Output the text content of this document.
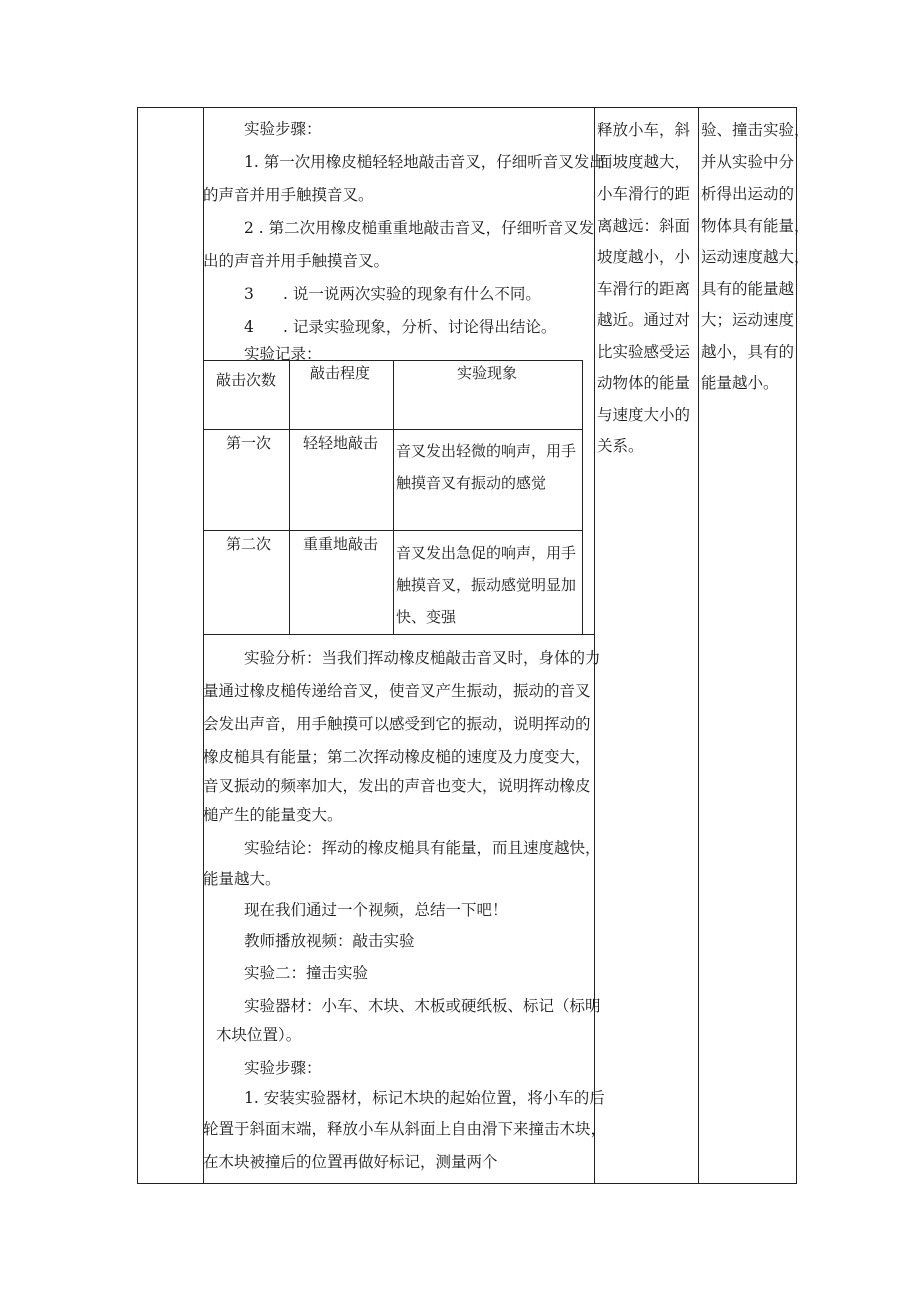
实验步骤：

1. 第一次用橡皮槌轻轻地敲击音叉，仔细听音叉发出

的声音并用手触摸音叉。

2 . 第二次用橡皮槌重重地敲击音叉，仔细听音叉发

出的声音并用手触摸音叉。

3 . 说一说两次实验的现象有什么不同。

4 . 记录实验现象，分析、讨论得出结论。

实验记录：

敲击次数 敲击程度	实验现象
第一次 轻轻地敲击 音叉发出轻微的响声，用手
触摸音叉有振动的感觉
第二次 重重地敲击 音叉发出急促的响声，用手
触摸音叉，振动感觉明显加
快、变强

实验分析：当我们挥动橡皮槌敲击音叉时，身体的力

量通过橡皮槌传递给音叉，使音叉产生振动，振动的音叉

会发出声音，用手触摸可以感受到它的振动，说明挥动的

橡皮槌具有能量；第二次挥动橡皮槌的速度及力度变大，

音叉振动的频率加大，发出的声音也变大，说明挥动橡皮

槌产生的能量变大。

实验结论：挥动的橡皮槌具有能量，而且速度越快，

能量越大。

现在我们通过一个视频，总结一下吧！

教师播放视频：敲击实验

实验二：撞击实验

实验器材：小车、木块、木板或硬纸板、标记（标明

木块位置）。

实验步骤：

1. 安装实验器材，标记木块的起始位置，将小车的后

轮置于斜面末端，释放小车从斜面上自由滑下来撞击木块，

在木块被撞后的位置再做好标记，测量两个

释放小车，斜
面坡度越大，
小车滑行的距
离越远：斜面
坡度越小，小
车滑行的距离
越近。通过对
比实验感受运
动物体的能量
与速度大小的
关系。
验、撞击实验，
并从实验中分
析得出运动的
物体具有能量，
运动速度越大，
具有的能量越
大；运动速度
越小，具有的
能量越小。
